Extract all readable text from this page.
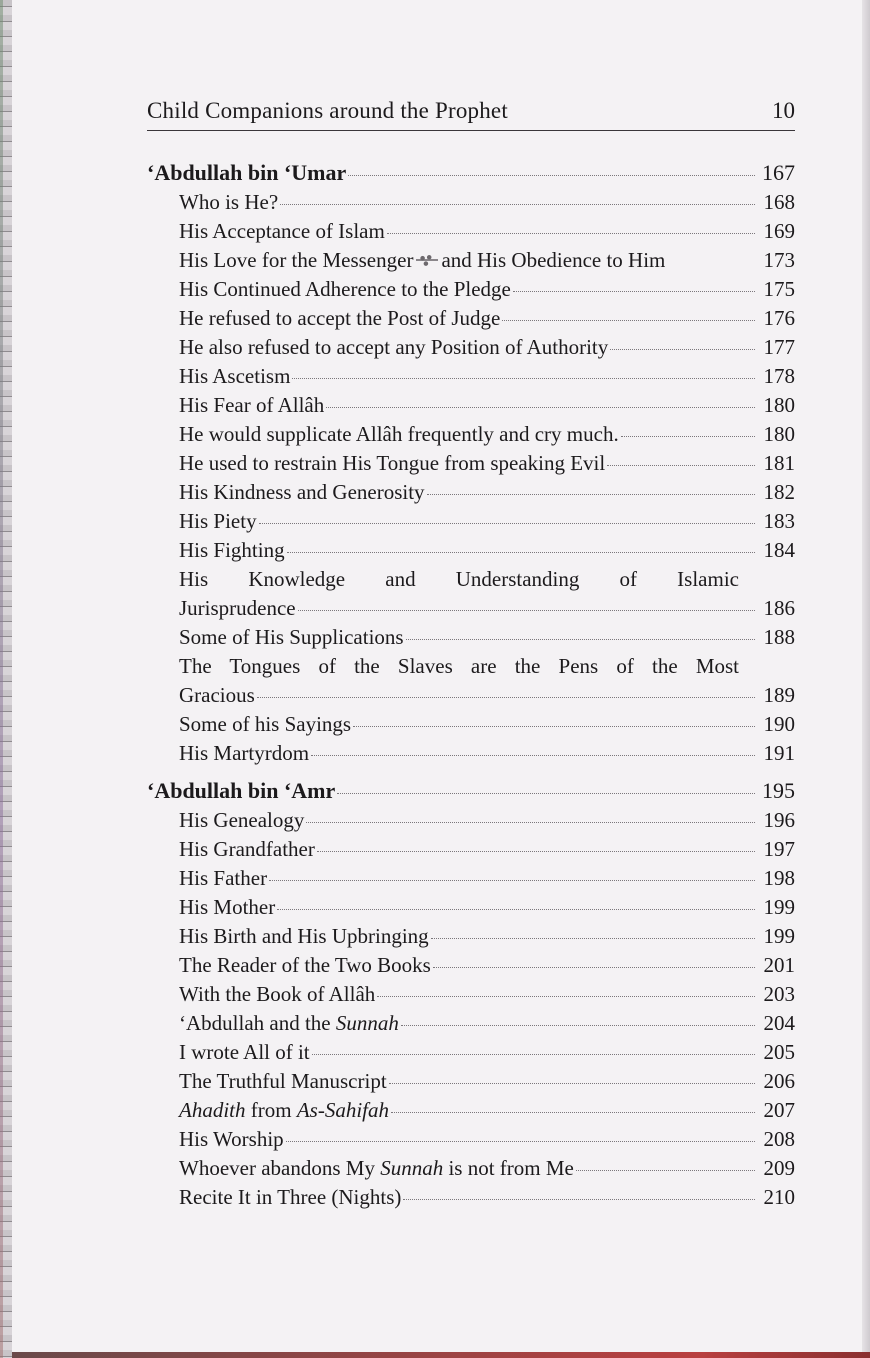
Child Companions around the Prophet	10
‘Abdullah bin ‘Umar	167
Who is He?	168
His Acceptance of Islam	169
His Love for the Messenger and His Obedience to Him	173
His Continued Adherence to the Pledge	175
He refused to accept the Post of Judge	176
He also refused to accept any Position of Authority	177
His Ascetism	178
His Fear of Allâh	180
He would supplicate Allâh frequently and cry much.	180
He used to restrain His Tongue from speaking Evil	181
His Kindness and Generosity	182
His Piety	183
His Fighting	184
His Knowledge and Understanding of Islamic
Jurisprudence	186
Some of His Supplications	188
The Tongues of the Slaves are the Pens of the Most
Gracious	189
Some of his Sayings	190
His Martyrdom	191
‘Abdullah bin ‘Amr	195
His Genealogy	196
His Grandfather	197
His Father	198
His Mother	199
His Birth and His Upbringing	199
The Reader of the Two Books	201
With the Book of Allâh	203
‘Abdullah and the Sunnah	204
I wrote All of it	205
The Truthful Manuscript	206
Ahadith from As-Sahifah	207
His Worship	208
Whoever abandons My Sunnah is not from Me	209
Recite It in Three (Nights)	210
